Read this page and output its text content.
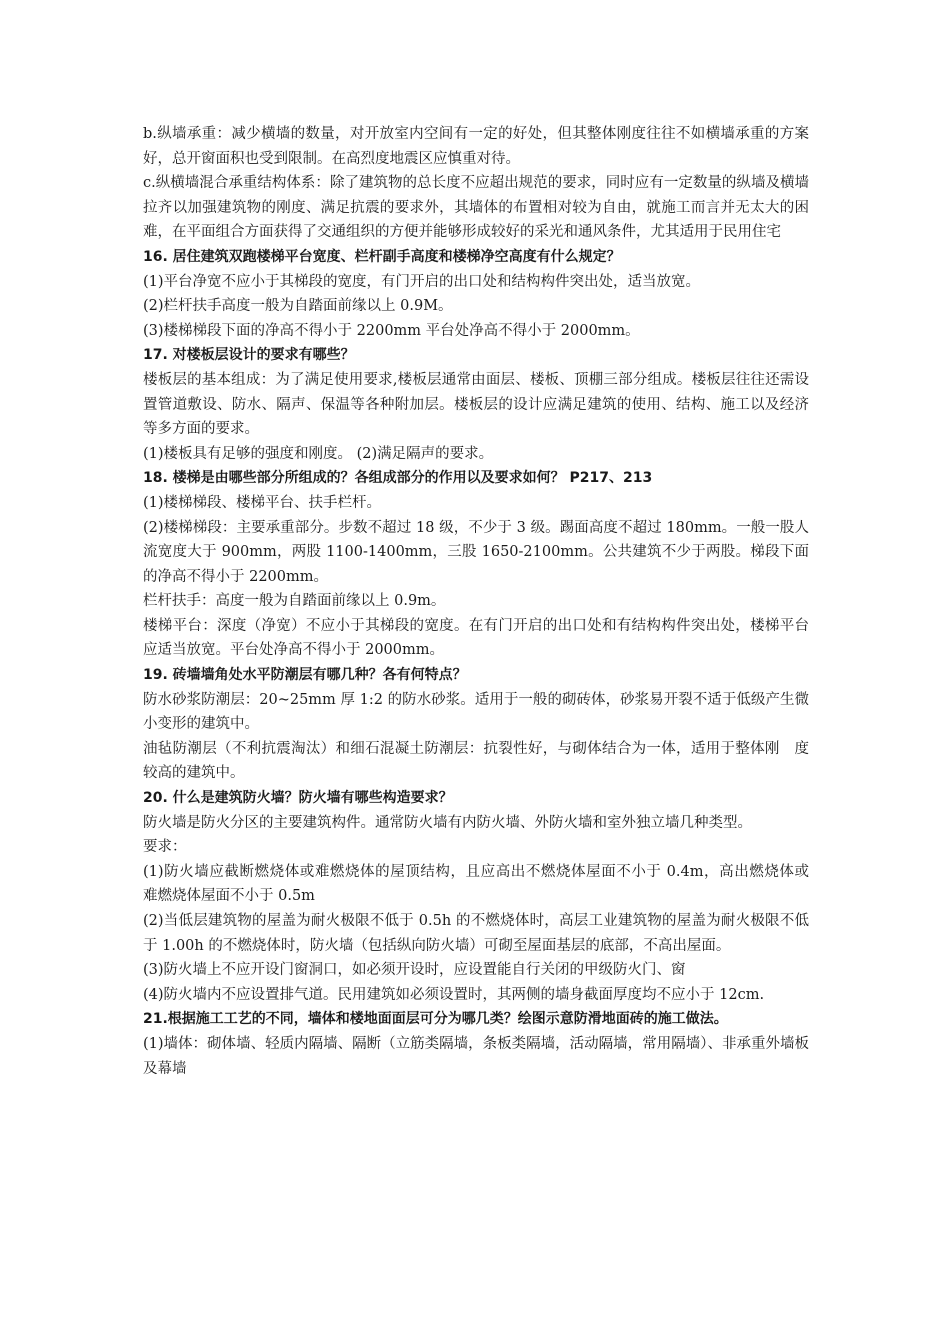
b.纵墙承重：减少横墙的数量，对开放室内空间有一定的好处，但其整体刚度往往不如横墙承重的方案好，总开窗面积也受到限制。在高烈度地震区应慎重对待。

c.纵横墙混合承重结构体系：除了建筑物的总长度不应超出规范的要求，同时应有一定数量的纵墙及横墙拉齐以加强建筑物的刚度、满足抗震的要求外，其墙体的布置相对较为自由，就施工而言并无太大的困难，在平面组合方面获得了交通组织的方便并能够形成较好的采光和通风条件，尤其适用于民用住宅

16. 居住建筑双跑楼梯平台宽度、栏杆副手高度和楼梯净空高度有什么规定？

(1)平台净宽不应小于其梯段的宽度，有门开启的出口处和结构构件突出处，适当放宽。

(2)栏杆扶手高度一般为自踏面前缘以上 0.9M。

(3)楼梯梯段下面的净高不得小于 2200mm 平台处净高不得小于 2000mm。

17. 对楼板层设计的要求有哪些？

楼板层的基本组成：为了满足使用要求,楼板层通常由面层、楼板、顶棚三部分组成。楼板层往往还需设置管道敷设、防水、隔声、保温等各种附加层。楼板层的设计应满足建筑的使用、结构、施工以及经济等多方面的要求。

(1)楼板具有足够的强度和刚度。 (2)满足隔声的要求。

18. 楼梯是由哪些部分所组成的？各组成部分的作用以及要求如何？ P217、213

(1)楼梯梯段、楼梯平台、扶手栏杆。

(2)楼梯梯段：主要承重部分。步数不超过 18 级，不少于 3 级。踢面高度不超过 180mm。一般一股人流宽度大于 900mm，两股 1100-1400mm，三股 1650-2100mm。公共建筑不少于两股。梯段下面的净高不得小于 2200mm。

栏杆扶手：高度一般为自踏面前缘以上 0.9m。

楼梯平台：深度（净宽）不应小于其梯段的宽度。在有门开启的出口处和有结构构件突出处，楼梯平台应适当放宽。平台处净高不得小于 2000mm。

19. 砖墙墙角处水平防潮层有哪几种？各有何特点？

防水砂浆防潮层：20~25mm 厚 1:2 的防水砂浆。适用于一般的砌砖体，砂浆易开裂不适于低级产生微小变形的建筑中。

油毡防潮层（不利抗震淘汰）和细石混凝土防潮层：抗裂性好，与砌体结合为一体，适用于整体刚　度较高的建筑中。

20. 什么是建筑防火墙？防火墙有哪些构造要求？

防火墙是防火分区的主要建筑构件。通常防火墙有内防火墙、外防火墙和室外独立墙几种类型。

要求：

(1)防火墙应截断燃烧体或难燃烧体的屋顶结构，且应高出不燃烧体屋面不小于 0.4m，高出燃烧体或　难燃烧体屋面不小于 0.5m

(2)当低层建筑物的屋盖为耐火极限不低于 0.5h 的不燃烧体时，高层工业建筑物的屋盖为耐火极限不低于 1.00h 的不燃烧体时，防火墙（包括纵向防火墙）可砌至屋面基层的底部，不高出屋面。

(3)防火墙上不应开设门窗洞口，如必须开设时，应设置能自行关闭的甲级防火门、窗

(4)防火墙内不应设置排气道。民用建筑如必须设置时，其两侧的墙身截面厚度均不应小于 12cm.

21.根据施工工艺的不同，墙体和楼地面面层可分为哪几类？绘图示意防滑地面砖的施工做法。

(1)墙体：砌体墙、轻质内隔墙、隔断（立筋类隔墙，条板类隔墙，活动隔墙，常用隔墙）、非承重外墙板及幕墙
